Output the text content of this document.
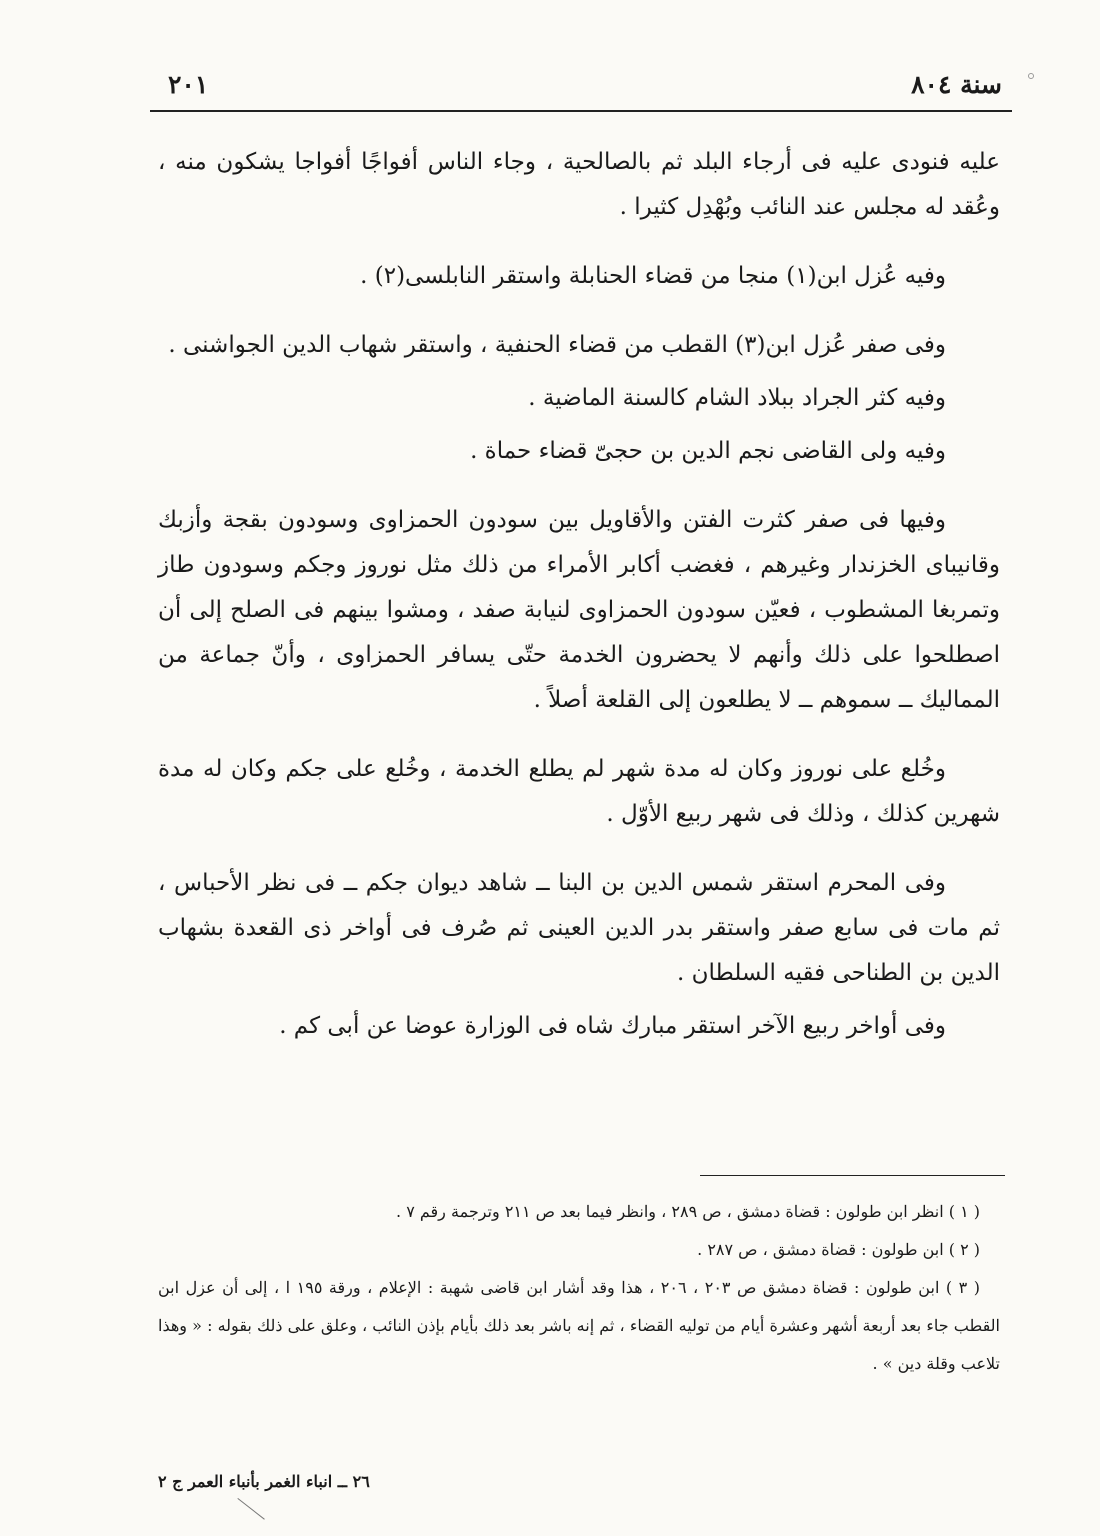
سنة ٨٠٤
٢٠١

عليه فنودى عليه فى أرجاء البلد ثم بالصالحية ، وجاء الناس أفواجًا أفواجا يشكون منه ، وعُقد له مجلس عند النائب وبُهْدِل كثيرا .

وفيه عُزل ابن(١) منجا من قضاء الحنابلة واستقر النابلسى(٢) .

وفى صفر عُزل ابن(٣) القطب من قضاء الحنفية ، واستقر شهاب الدين الجواشنى .

وفيه كثر الجراد ببلاد الشام كالسنة الماضية .

وفيه ولى القاضى نجم الدين بن حجىّ قضاء حماة .

وفيها فى صفر كثرت الفتن والأقاويل بين سودون الحمزاوى وسودون بقجة وأزبك وقانيباى الخزندار وغيرهم ، فغضب أكابر الأمراء من ذلك مثل نوروز وجكم وسودون طاز وتمربغا المشطوب ، فعيّن سودون الحمزاوى لنيابة صفد ، ومشوا بينهم فى الصلح إلى أن اصطلحوا على ذلك وأنهم لا يحضرون الخدمة حتّى يسافر الحمزاوى ، وأنّ جماعة من المماليك ــ سموهم ــ لا يطلعون إلى القلعة أصلاً .

وخُلع على نوروز وكان له مدة شهر لم يطلع الخدمة ، وخُلع على جكم وكان له مدة شهرين كذلك ، وذلك فى شهر ربيع الأوّل .

وفى المحرم استقر شمس الدين بن البنا ــ شاهد ديوان جكم ــ فى نظر الأحباس ، ثم مات فى سابع صفر واستقر بدر الدين العينى ثم صُرف فى أواخر ذى القعدة بشهاب الدين بن الطناحى فقيه السلطان .

وفى أواخر ربيع الآخر استقر مبارك شاه فى الوزارة عوضا عن أبى كم .

( ١ ) انظر ابن طولون : قضاة دمشق ، ص ٢٨٩ ، وانظر فيما بعد ص ٢١١ وترجمة رقم ٧ .

( ٢ ) ابن طولون : قضاة دمشق ، ص ٢٨٧ .

( ٣ ) ابن طولون : قضاة دمشق ص ٢٠٣ ، ٢٠٦ ، هذا وقد أشار ابن قاضى شهبة : الإعلام ، ورقة ١٩٥ ا ، إلى أن عزل ابن القطب جاء بعد أربعة أشهر وعشرة أيام من توليه القضاء ، ثم إنه باشر بعد ذلك بأيام بإذن النائب ، وعلق على ذلك بقوله : « وهذا تلاعب وقلة دين » .

٢٦ ــ انباء الغمر بأنباء العمر ج ٢
